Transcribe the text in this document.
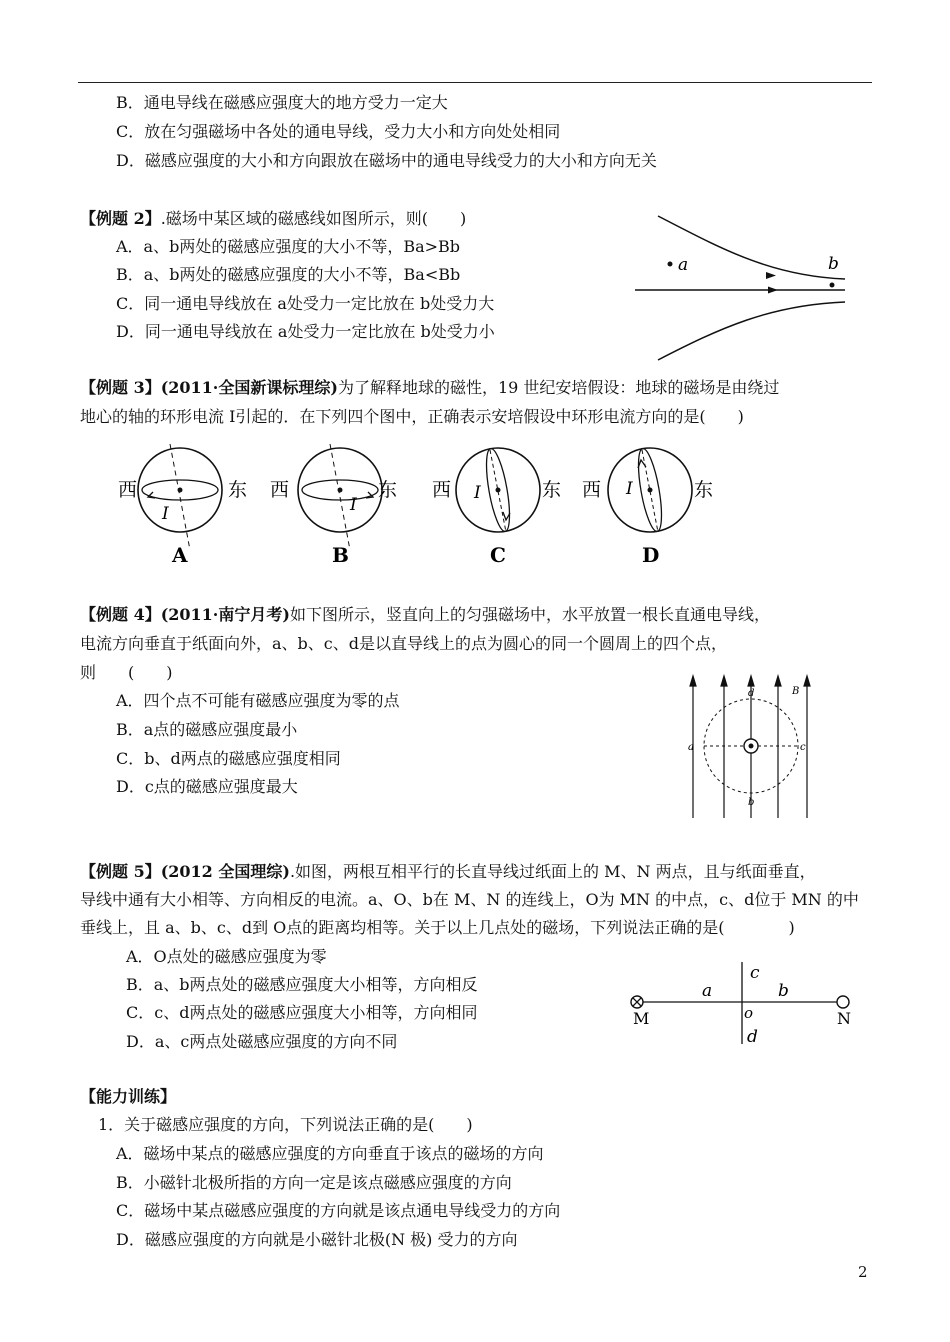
B．通电导线在磁感应强度大的地方受力一定大
C．放在匀强磁场中各处的通电导线，受力大小和方向处处相同
D．磁感应强度的大小和方向跟放在磁场中的通电导线受力的大小和方向无关
【例题 2】.磁场中某区域的磁感线如图所示，则(　　)
A．a、b两处的磁感应强度的大小不等，Ba>Bb
B．a、b两处的磁感应强度的大小不等，Ba<Bb
C．同一通电导线放在 a处受力一定比放在 b处受力大
D．同一通电导线放在 a处受力一定比放在 b处受力小
a	b
【例题 3】(2011·全国新课标理综)为了解释地球的磁性，19 世纪安培假设：地球的磁场是由绕过
地心的轴的环形电流 I引起的．在下列四个图中，正确表示安培假设中环形电流方向的是(　　)
西
I
东
A
西
I
东
B
西 I	东
C
西 I	东
D
【例题 4】(2011·南宁月考)如下图所示，竖直向上的匀强磁场中，水平放置一根长直通电导线，
电流方向垂直于纸面向外，a、b、c、d是以直导线上的点为圆心的同一个圆周上的四个点，
则　　(　　)
A．四个点不可能有磁感应强度为零的点
B．a点的磁感应强度最小
C．b、d两点的磁感应强度相同
D．c点的磁感应强度最大
a	c
d
b
B
【例题 5】(2012 全国理综).如图，两根互相平行的长直导线过纸面上的 M、N 两点，且与纸面垂直，
导线中通有大小相等、方向相反的电流。a、O、b在 M、N 的连线上，O为 MN 的中点，c、d位于 MN 的中
垂线上，且 a、b、c、d到 O点的距离均相等。关于以上几点处的磁场，下列说法正确的是(　　　　)
A．O点处的磁感应强度为零
B．a、b两点处的磁感应强度大小相等，方向相反
C．c、d两点处的磁感应强度大小相等，方向相同
D．a、c两点处磁感应强度的方向不同
M	N
a	b
c
o
d
【能力训练】
1．关于磁感应强度的方向，下列说法正确的是(　　)
A．磁场中某点的磁感应强度的方向垂直于该点的磁场的方向
B．小磁针北极所指的方向一定是该点磁感应强度的方向
C．磁场中某点磁感应强度的方向就是该点通电导线受力的方向
D．磁感应强度的方向就是小磁针北极(N 极) 受力的方向
2
